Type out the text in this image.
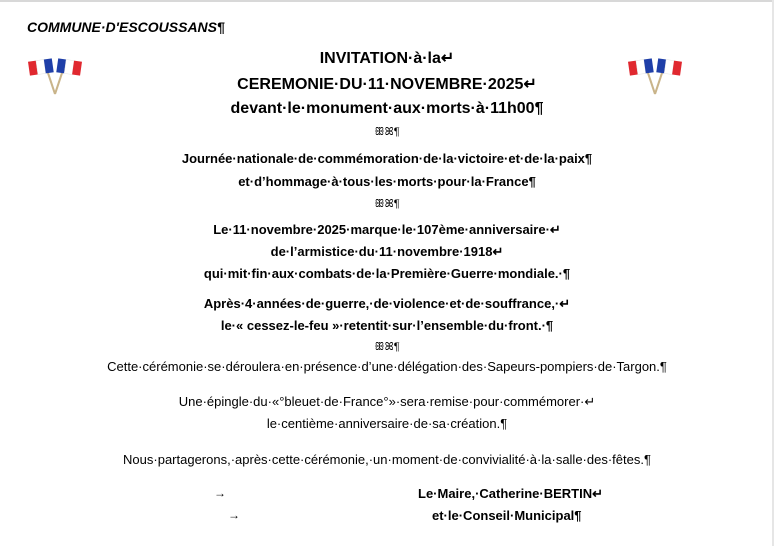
COMMUNE·D'ESCOUSSANS¶
INVITATION·à·la↵
CEREMONIE·DU·11·NOVEMBRE·2025↵
devant·le·monument·aux·morts·à·11h00¶
ꕥꕤ¶
Journée·nationale·de·commémoration·de·la·victoire·et·de·la·paix¶
et·d’hommage·à·tous·les·morts·pour·la·France¶
ꕥꕤ¶
Le·11·novembre·2025·marque·le·107ème·anniversaire·↵
de·l’armistice·du·11·novembre·1918↵
qui·mit·fin·aux·combats·de·la·Première·Guerre·mondiale.·¶
Après·4·années·de·guerre,·de·violence·et·de·souffrance,·↵
le·« cessez-le-feu »·retentit·sur·l’ensemble·du·front.·¶
ꕥꕤ¶
Cette·cérémonie·se·déroulera·en·présence·d’une·délégation·des·Sapeurs-pompiers·de·Targon.¶
Une·épingle·du·«°bleuet·de·France°»·sera·remise·pour·commémorer·↵
le·centième·anniversaire·de·sa·création.¶
Nous·partagerons,·après·cette·cérémonie,·un·moment·de·convivialité·à·la·salle·des·fêtes.¶
→	Le·Maire,·Catherine·BERTIN↵
→	et·le·Conseil·Municipal¶
